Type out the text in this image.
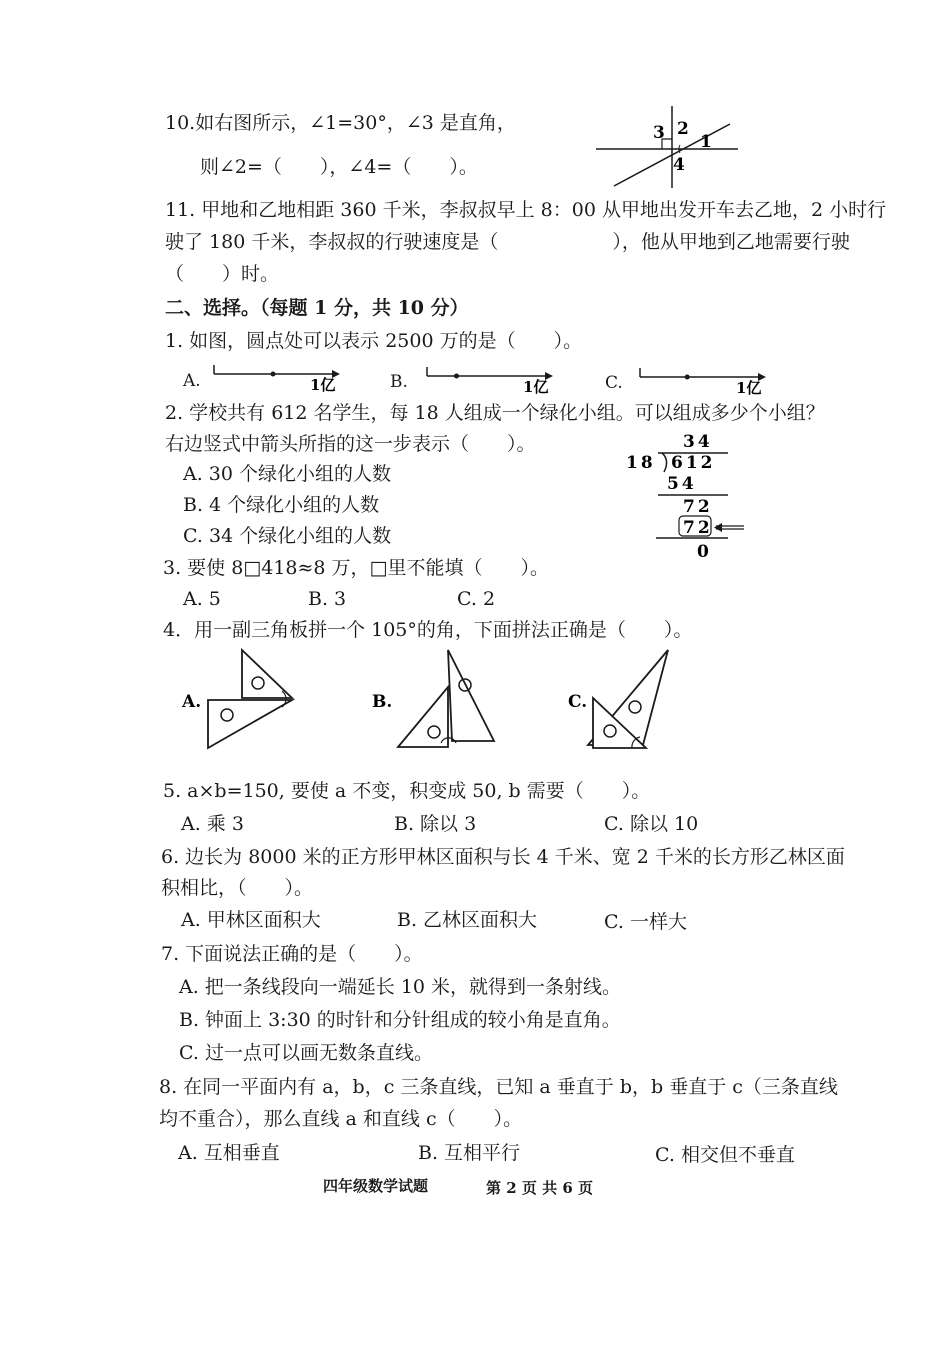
10.如右图所示，∠1=30°，∠3 是直角，
则∠2=（　　），∠4=（　　）。
3 2
1
4
11. 甲地和乙地相距 360 千米，李叔叔早上 8：00 从甲地出发开车去乙地，2 小时行
驶了 180 千米，李叔叔的行驶速度是（　　　　　　），他从甲地到乙地需要行驶
（　　）时。
二、选择。（每题 1 分，共 10 分）
1. 如图，圆点处可以表示 2500 万的是（　　）。
A.	B.	C.
1亿	1亿	1亿
2. 学校共有 612 名学生，每 18 人组成一个绿化小组。可以组成多少个小组？
右边竖式中箭头所指的这一步表示（　　）。
A. 30 个绿化小组的人数
B. 4 个绿化小组的人数
C. 34 个绿化小组的人数
34
18 612
54
72
72
0
3. 要使 8□418≈8 万，□里不能填（　　）。
A. 5	B. 3	C. 2
4．用一副三角板拼一个 105°的角，下面拼法正确是（　　）。
A.	B.	C.
5. a×b=150, 要使 a 不变，积变成 50, b 需要（　　）。
A. 乘 3	B. 除以 3	C. 除以 10
6. 边长为 8000 米的正方形甲林区面积与长 4 千米、宽 2 千米的长方形乙林区面
积相比，（　　）。
A. 甲林区面积大	B. 乙林区面积大	C. 一样大
7. 下面说法正确的是（　　）。
A. 把一条线段向一端延长 10 米，就得到一条射线。
B. 钟面上 3:30 的时针和分针组成的较小角是直角。
C. 过一点可以画无数条直线。
8. 在同一平面内有 a，b，c 三条直线，已知 a 垂直于 b，b 垂直于 c（三条直线
均不重合），那么直线 a 和直线 c（　　）。
A. 互相垂直	B. 互相平行	C. 相交但不垂直
四年级数学试题	第 2 页 共 6 页
